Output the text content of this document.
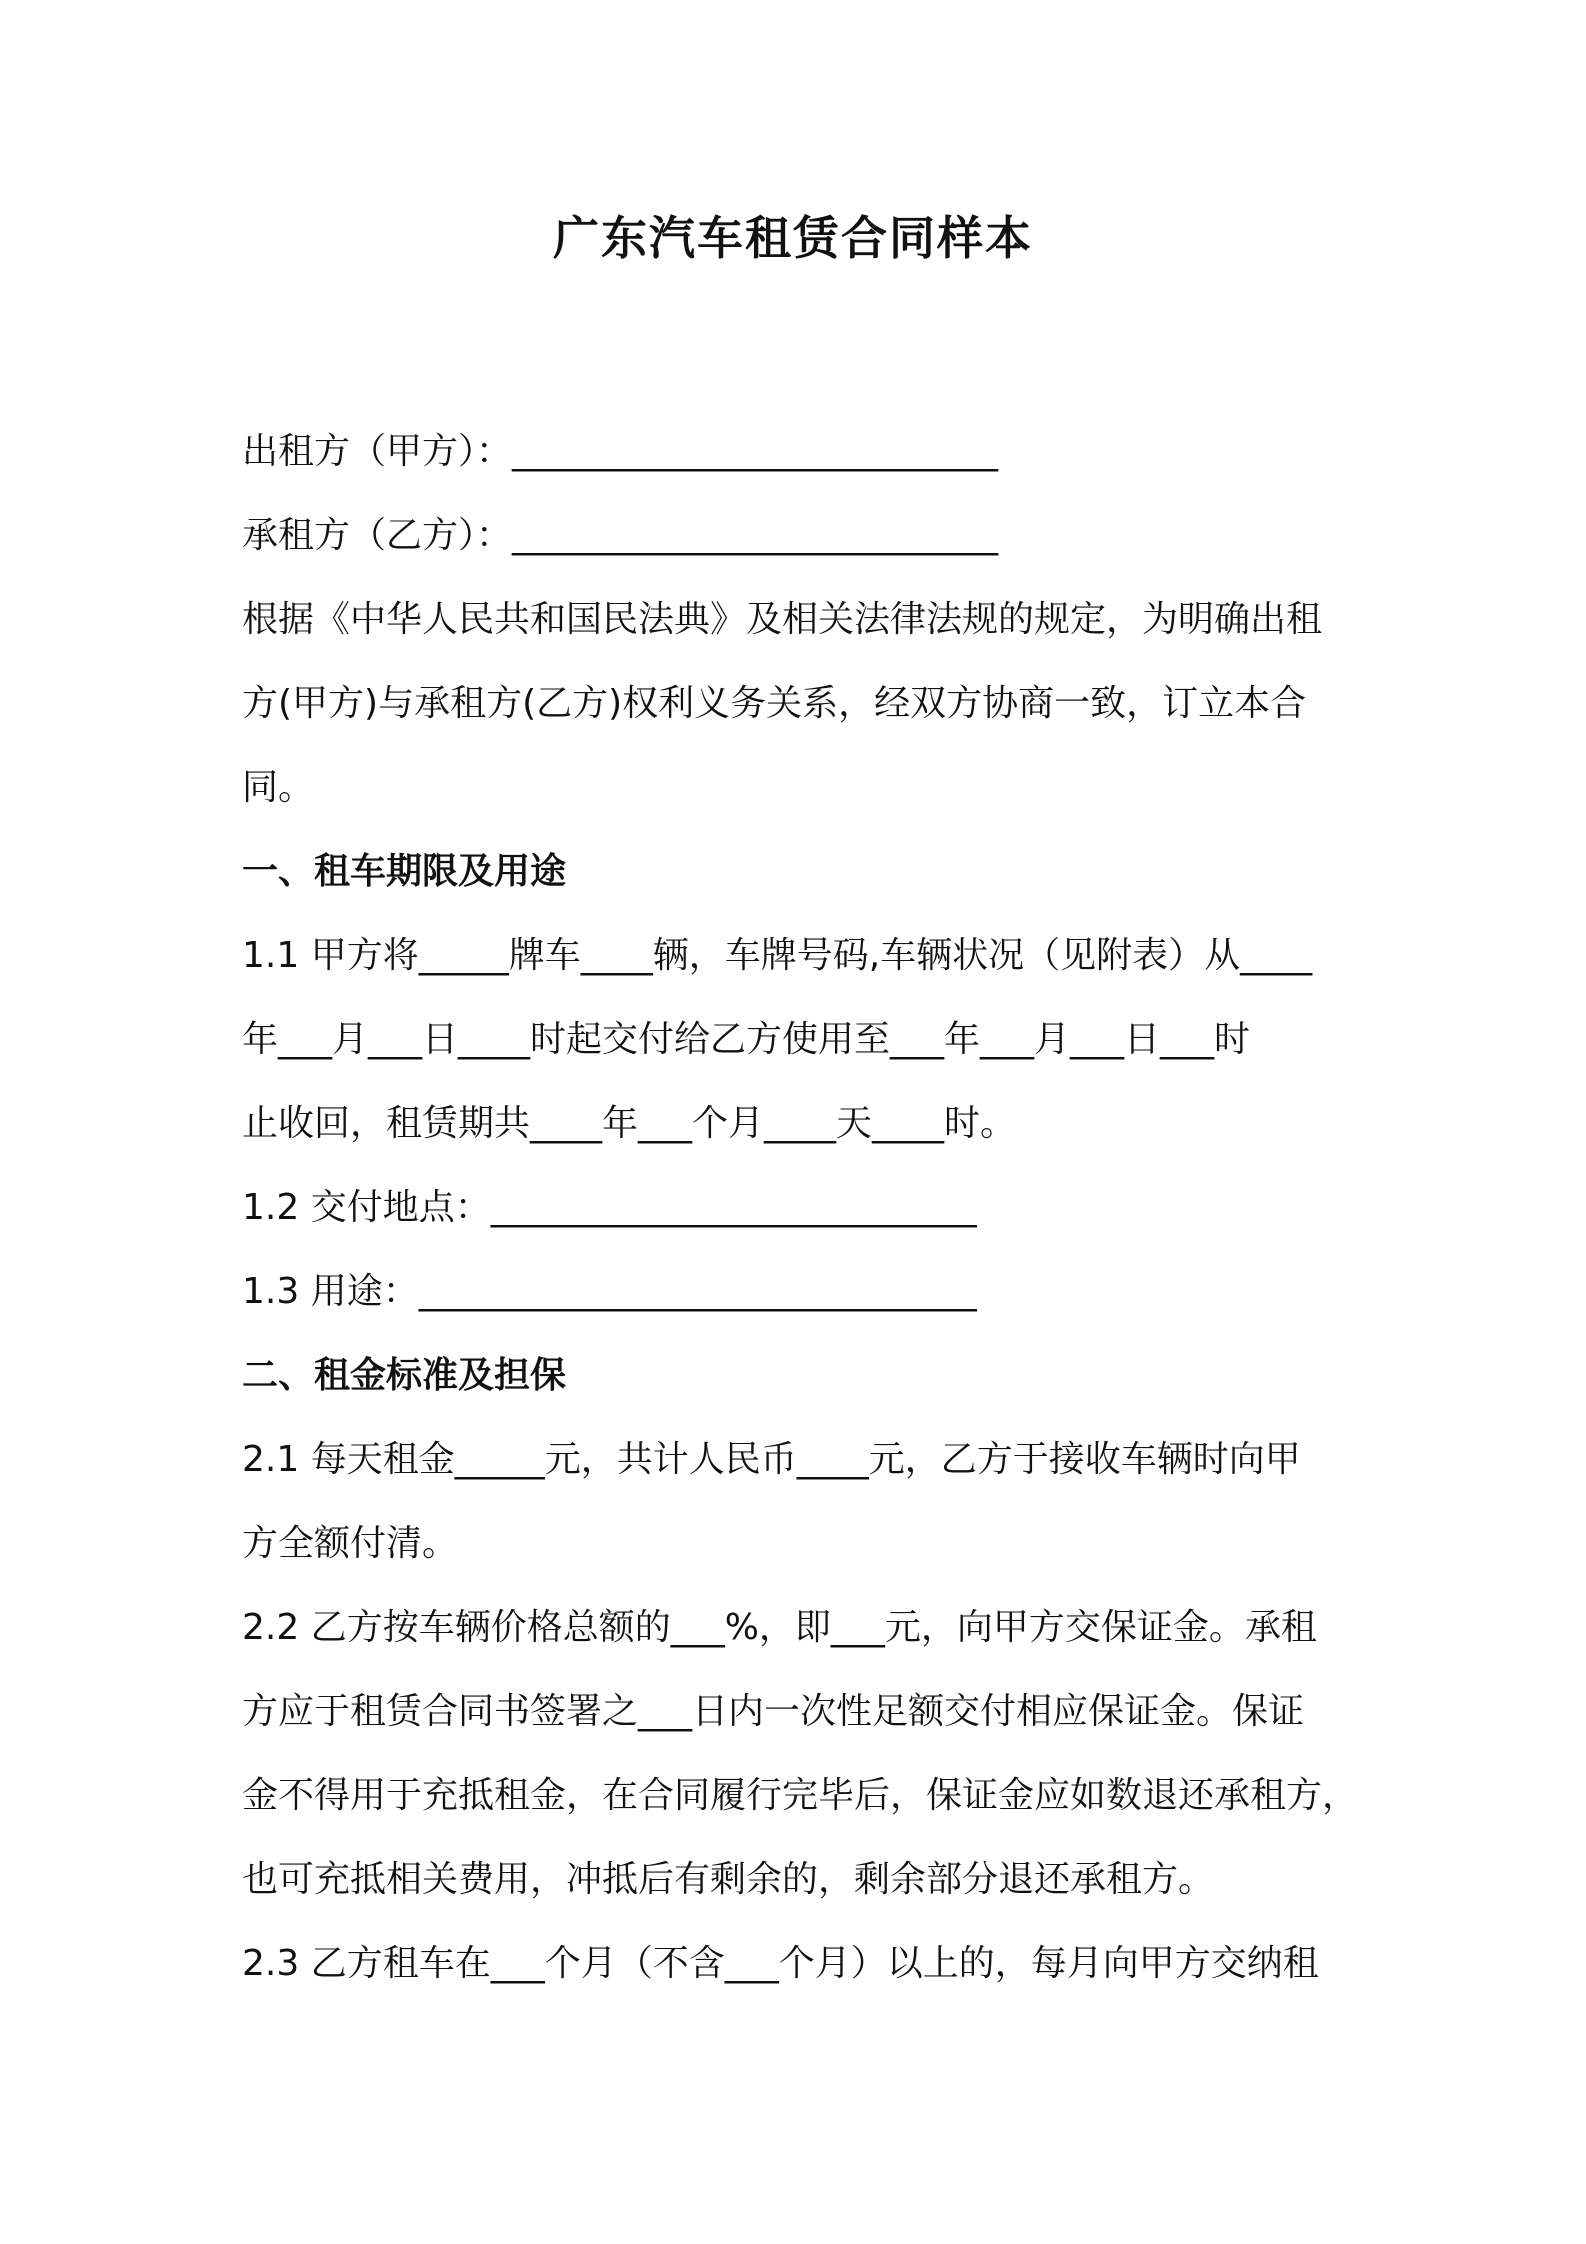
广东汽车租赁合同样本

出租方（甲方）：___________________________

承租方（乙方）：___________________________

根据《中华人民共和国民法典》及相关法律法规的规定，为明确出租

方(甲方)与承租方(乙方)权利义务关系，经双方协商一致，订立本合

同。

一、租车期限及用途

1.1 甲方将_____牌车____辆，车牌号码,车辆状况（见附表）从____

年___月___日____时起交付给乙方使用至___年___月___日___时

止收回，租赁期共____年___个月____天____时。

1.2 交付地点：___________________________

1.3 用途：_______________________________

二、租金标准及担保

2.1 每天租金_____元，共计人民币____元，乙方于接收车辆时向甲

方全额付清。

2.2 乙方按车辆价格总额的___%，即___元，向甲方交保证金。承租

方应于租赁合同书签署之___日内一次性足额交付相应保证金。保证

金不得用于充抵租金，在合同履行完毕后，保证金应如数退还承租方，

也可充抵相关费用，冲抵后有剩余的，剩余部分退还承租方。

2.3 乙方租车在___个月（不含___个月）以上的，每月向甲方交纳租
